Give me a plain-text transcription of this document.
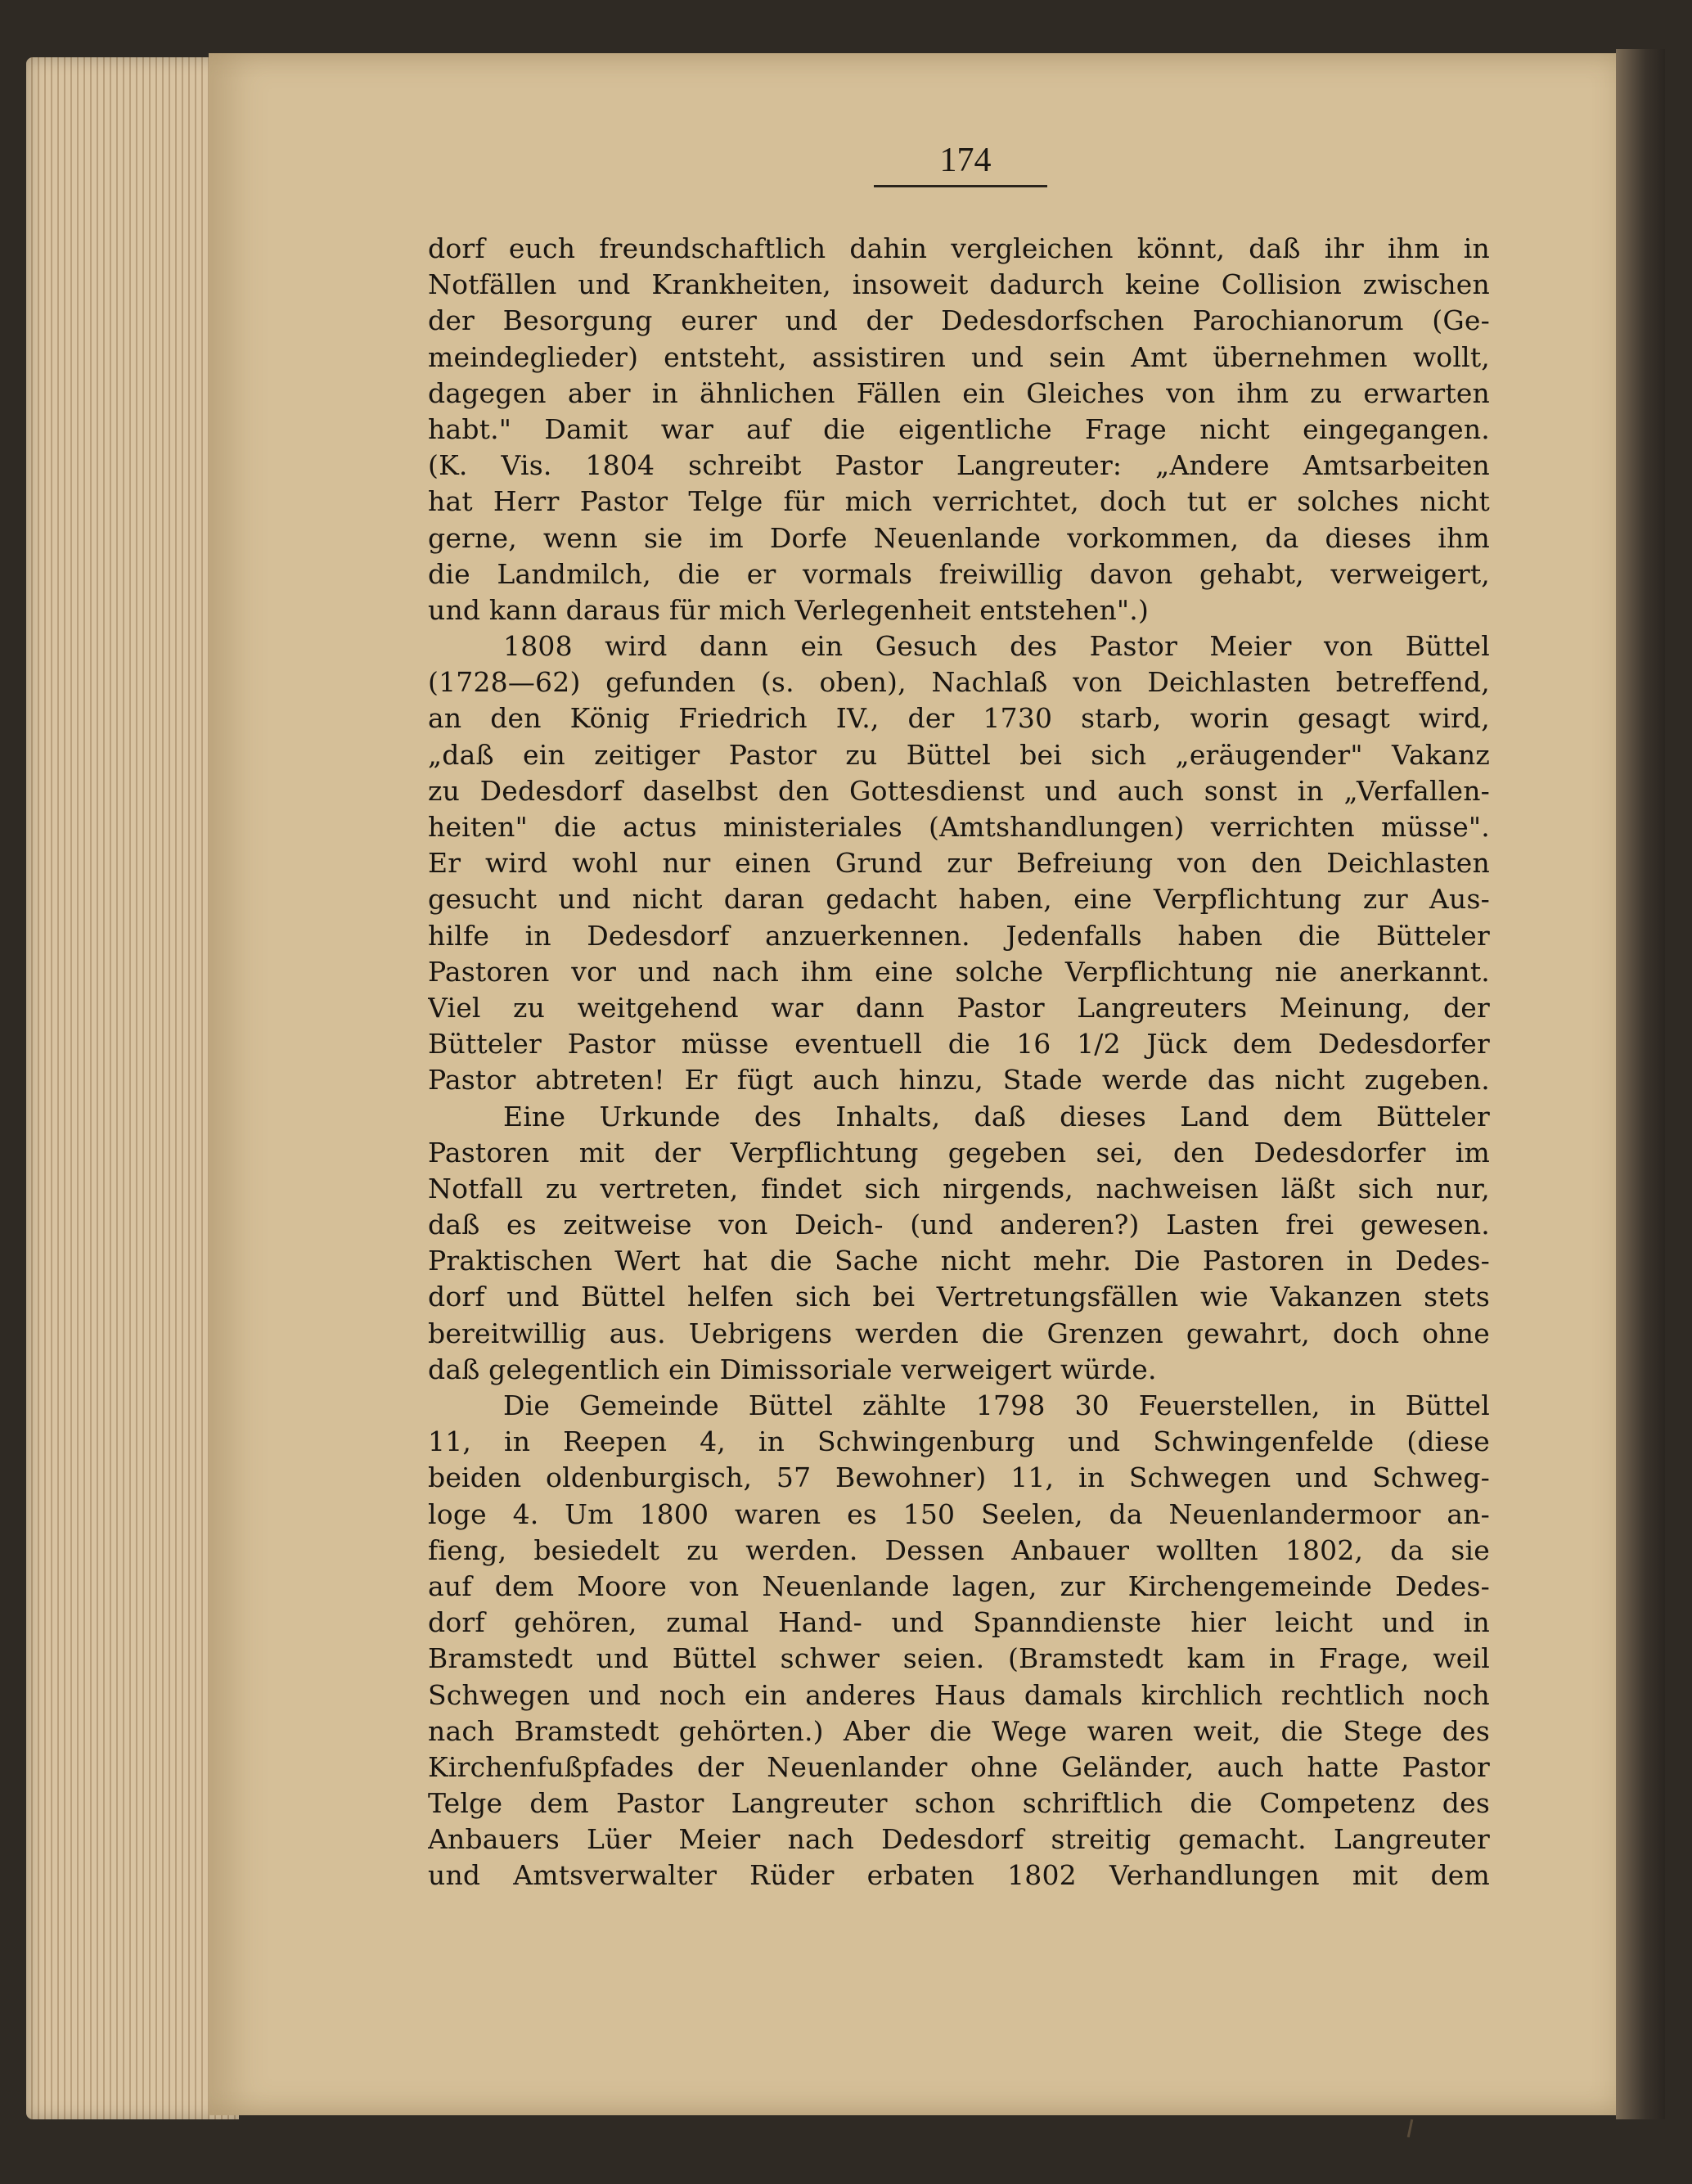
174
dorf euch freundschaftlich dahin vergleichen könnt, daß ihr ihm in
Notfällen und Krankheiten, insoweit dadurch keine Collision zwischen
der Besorgung eurer und der Dedesdorfschen Parochianorum (Ge-
meindeglieder) entsteht, assistiren und sein Amt übernehmen wollt,
dagegen aber in ähnlichen Fällen ein Gleiches von ihm zu erwarten
habt." Damit war auf die eigentliche Frage nicht eingegangen.
(K. Vis. 1804 schreibt Pastor Langreuter: „Andere Amtsarbeiten
hat Herr Pastor Telge für mich verrichtet, doch tut er solches nicht
gerne, wenn sie im Dorfe Neuenlande vorkommen, da dieses ihm
die Landmilch, die er vormals freiwillig davon gehabt, verweigert,
und kann daraus für mich Verlegenheit entstehen".)
1808 wird dann ein Gesuch des Pastor Meier von Büttel
(1728—62) gefunden (s. oben), Nachlaß von Deichlasten betreffend,
an den König Friedrich IV., der 1730 starb, worin gesagt wird,
„daß ein zeitiger Pastor zu Büttel bei sich „eräugender" Vakanz
zu Dedesdorf daselbst den Gottesdienst und auch sonst in „Verfallen-
heiten" die actus ministeriales (Amtshandlungen) verrichten müsse".
Er wird wohl nur einen Grund zur Befreiung von den Deichlasten
gesucht und nicht daran gedacht haben, eine Verpflichtung zur Aus-
hilfe in Dedesdorf anzuerkennen. Jedenfalls haben die Bütteler
Pastoren vor und nach ihm eine solche Verpflichtung nie anerkannt.
Viel zu weitgehend war dann Pastor Langreuters Meinung, der
Bütteler Pastor müsse eventuell die 16 1/2 Jück dem Dedesdorfer
Pastor abtreten! Er fügt auch hinzu, Stade werde das nicht zugeben.
Eine Urkunde des Inhalts, daß dieses Land dem Bütteler
Pastoren mit der Verpflichtung gegeben sei, den Dedesdorfer im
Notfall zu vertreten, findet sich nirgends, nachweisen läßt sich nur,
daß es zeitweise von Deich- (und anderen?) Lasten frei gewesen.
Praktischen Wert hat die Sache nicht mehr. Die Pastoren in Dedes-
dorf und Büttel helfen sich bei Vertretungsfällen wie Vakanzen stets
bereitwillig aus. Uebrigens werden die Grenzen gewahrt, doch ohne
daß gelegentlich ein Dimissoriale verweigert würde.
Die Gemeinde Büttel zählte 1798 30 Feuerstellen, in Büttel
11, in Reepen 4, in Schwingenburg und Schwingenfelde (diese
beiden oldenburgisch, 57 Bewohner) 11, in Schwegen und Schweg-
loge 4. Um 1800 waren es 150 Seelen, da Neuenlandermoor an-
fieng, besiedelt zu werden. Dessen Anbauer wollten 1802, da sie
auf dem Moore von Neuenlande lagen, zur Kirchengemeinde Dedes-
dorf gehören, zumal Hand- und Spanndienste hier leicht und in
Bramstedt und Büttel schwer seien. (Bramstedt kam in Frage, weil
Schwegen und noch ein anderes Haus damals kirchlich rechtlich noch
nach Bramstedt gehörten.) Aber die Wege waren weit, die Stege des
Kirchenfußpfades der Neuenlander ohne Geländer, auch hatte Pastor
Telge dem Pastor Langreuter schon schriftlich die Competenz des
Anbauers Lüer Meier nach Dedesdorf streitig gemacht. Langreuter
und Amtsverwalter Rüder erbaten 1802 Verhandlungen mit dem
